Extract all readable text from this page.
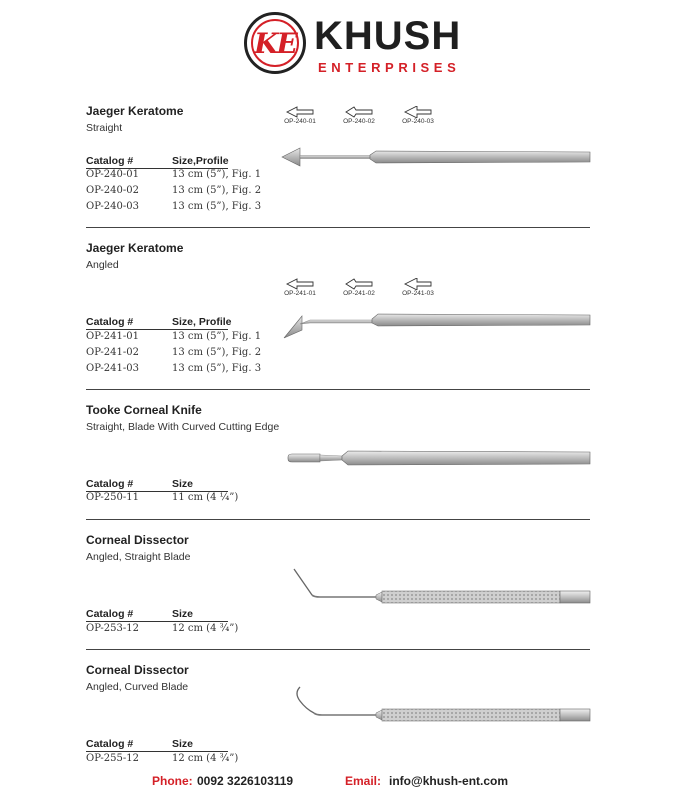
KE KHUSH
ENTERPRISES
Jaeger Keratome
Straight
Catalog #	Size,Profile
OP-240-01	13 cm (5”), Fig. 1
OP-240-02	13 cm (5”), Fig. 2
OP-240-03	13 cm (5”), Fig. 3
OP-240-01	OP-240-02	OP-240-03
Jaeger Keratome
Angled
Catalog #	Size, Profile
OP-241-01	13 cm (5”), Fig. 1
OP-241-02	13 cm (5”), Fig. 2
OP-241-03	13 cm (5”), Fig. 3
OP-241-01	OP-241-02	OP-241-03
Tooke Corneal Knife
Straight, Blade With Curved Cutting Edge
Catalog #	Size
OP-250-11	11 cm (4 ¼”)
Corneal Dissector
Angled, Straight Blade
Catalog #	Size
OP-253-12	12 cm (4 ¾”)
Corneal Dissector
Angled, Curved Blade
Catalog #	Size
OP-255-12	12 cm (4 ¾”)
Phone: 0092 3226103119	Email: info@khush-ent.com
